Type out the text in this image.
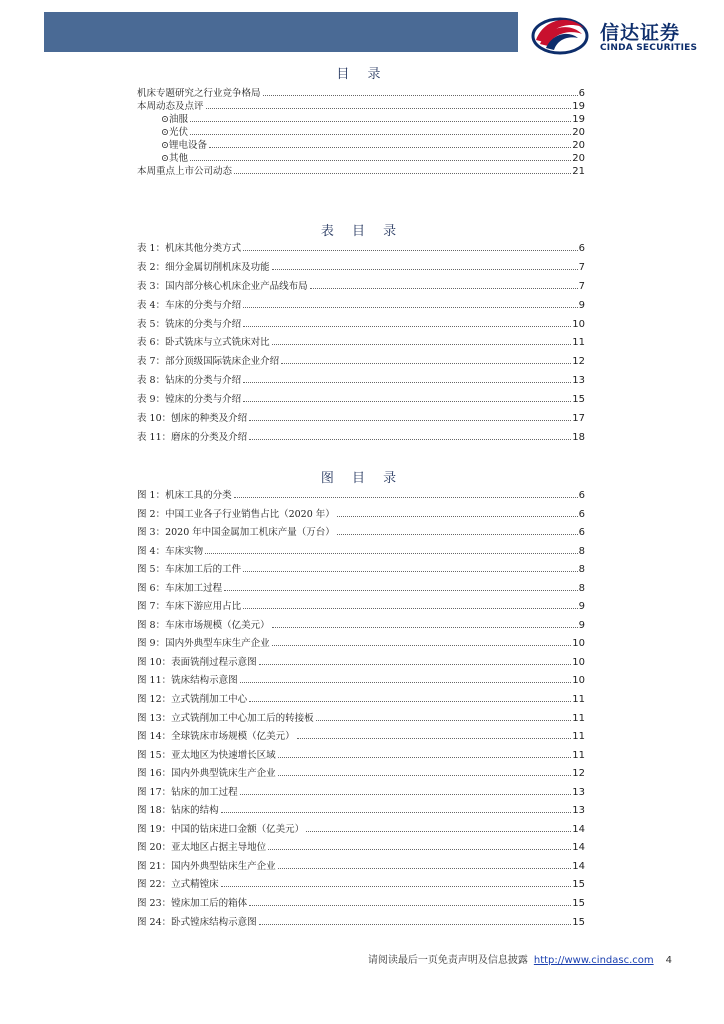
信达证券
CINDA SECURITIES
目 录
机床专题研究之行业竞争格局	6
本周动态及点评	19
⊙油服	19
⊙光伏	20
⊙锂电设备	20
⊙其他	20
本周重点上市公司动态	21
表 目 录
表 1：机床其他分类方式	6
表 2：细分金属切削机床及功能	7
表 3：国内部分核心机床企业产品线布局	7
表 4：车床的分类与介绍	9
表 5：铣床的分类与介绍	10
表 6：卧式铣床与立式铣床对比	11
表 7：部分顶级国际铣床企业介绍	12
表 8：钻床的分类与介绍	13
表 9：镗床的分类与介绍	15
表 10：刨床的种类及介绍	17
表 11：磨床的分类及介绍	18
图 目 录
图 1：机床工具的分类	6
图 2：中国工业各子行业销售占比（2020 年）	6
图 3：2020 年中国金属加工机床产量（万台）	6
图 4：车床实物	8
图 5：车床加工后的工件	8
图 6：车床加工过程	8
图 7：车床下游应用占比	9
图 8：车床市场规模（亿美元）	9
图 9：国内外典型车床生产企业	10
图 10：表面铣削过程示意图	10
图 11：铣床结构示意图	10
图 12：立式铣削加工中心	11
图 13：立式铣削加工中心加工后的转接板	11
图 14：全球铣床市场规模（亿美元）	11
图 15：亚太地区为快速增长区域	11
图 16：国内外典型铣床生产企业	12
图 17：钻床的加工过程	13
图 18：钻床的结构	13
图 19：中国的钻床进口金额（亿美元）	14
图 20：亚太地区占据主导地位	14
图 21：国内外典型钻床生产企业	14
图 22：立式精镗床	15
图 23：镗床加工后的箱体	15
图 24：卧式镗床结构示意图	15
请阅读最后一页免责声明及信息披露 http://www.cindasc.com 4
